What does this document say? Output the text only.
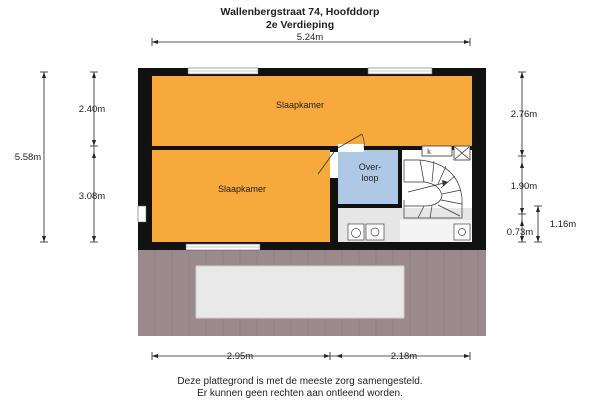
Wallenbergstraat 74, Hoofddorp
2e Verdieping
Slaapkamer
Slaapkamer
Over-
loop
k
5.24m
2.95m	2.18m
5.58m
2.40m
3.08m
2.76m
1.90m
0.73m
1.16m
Deze plattegrond is met de meeste zorg samengesteld.
Er kunnen geen rechten aan ontleend worden.
